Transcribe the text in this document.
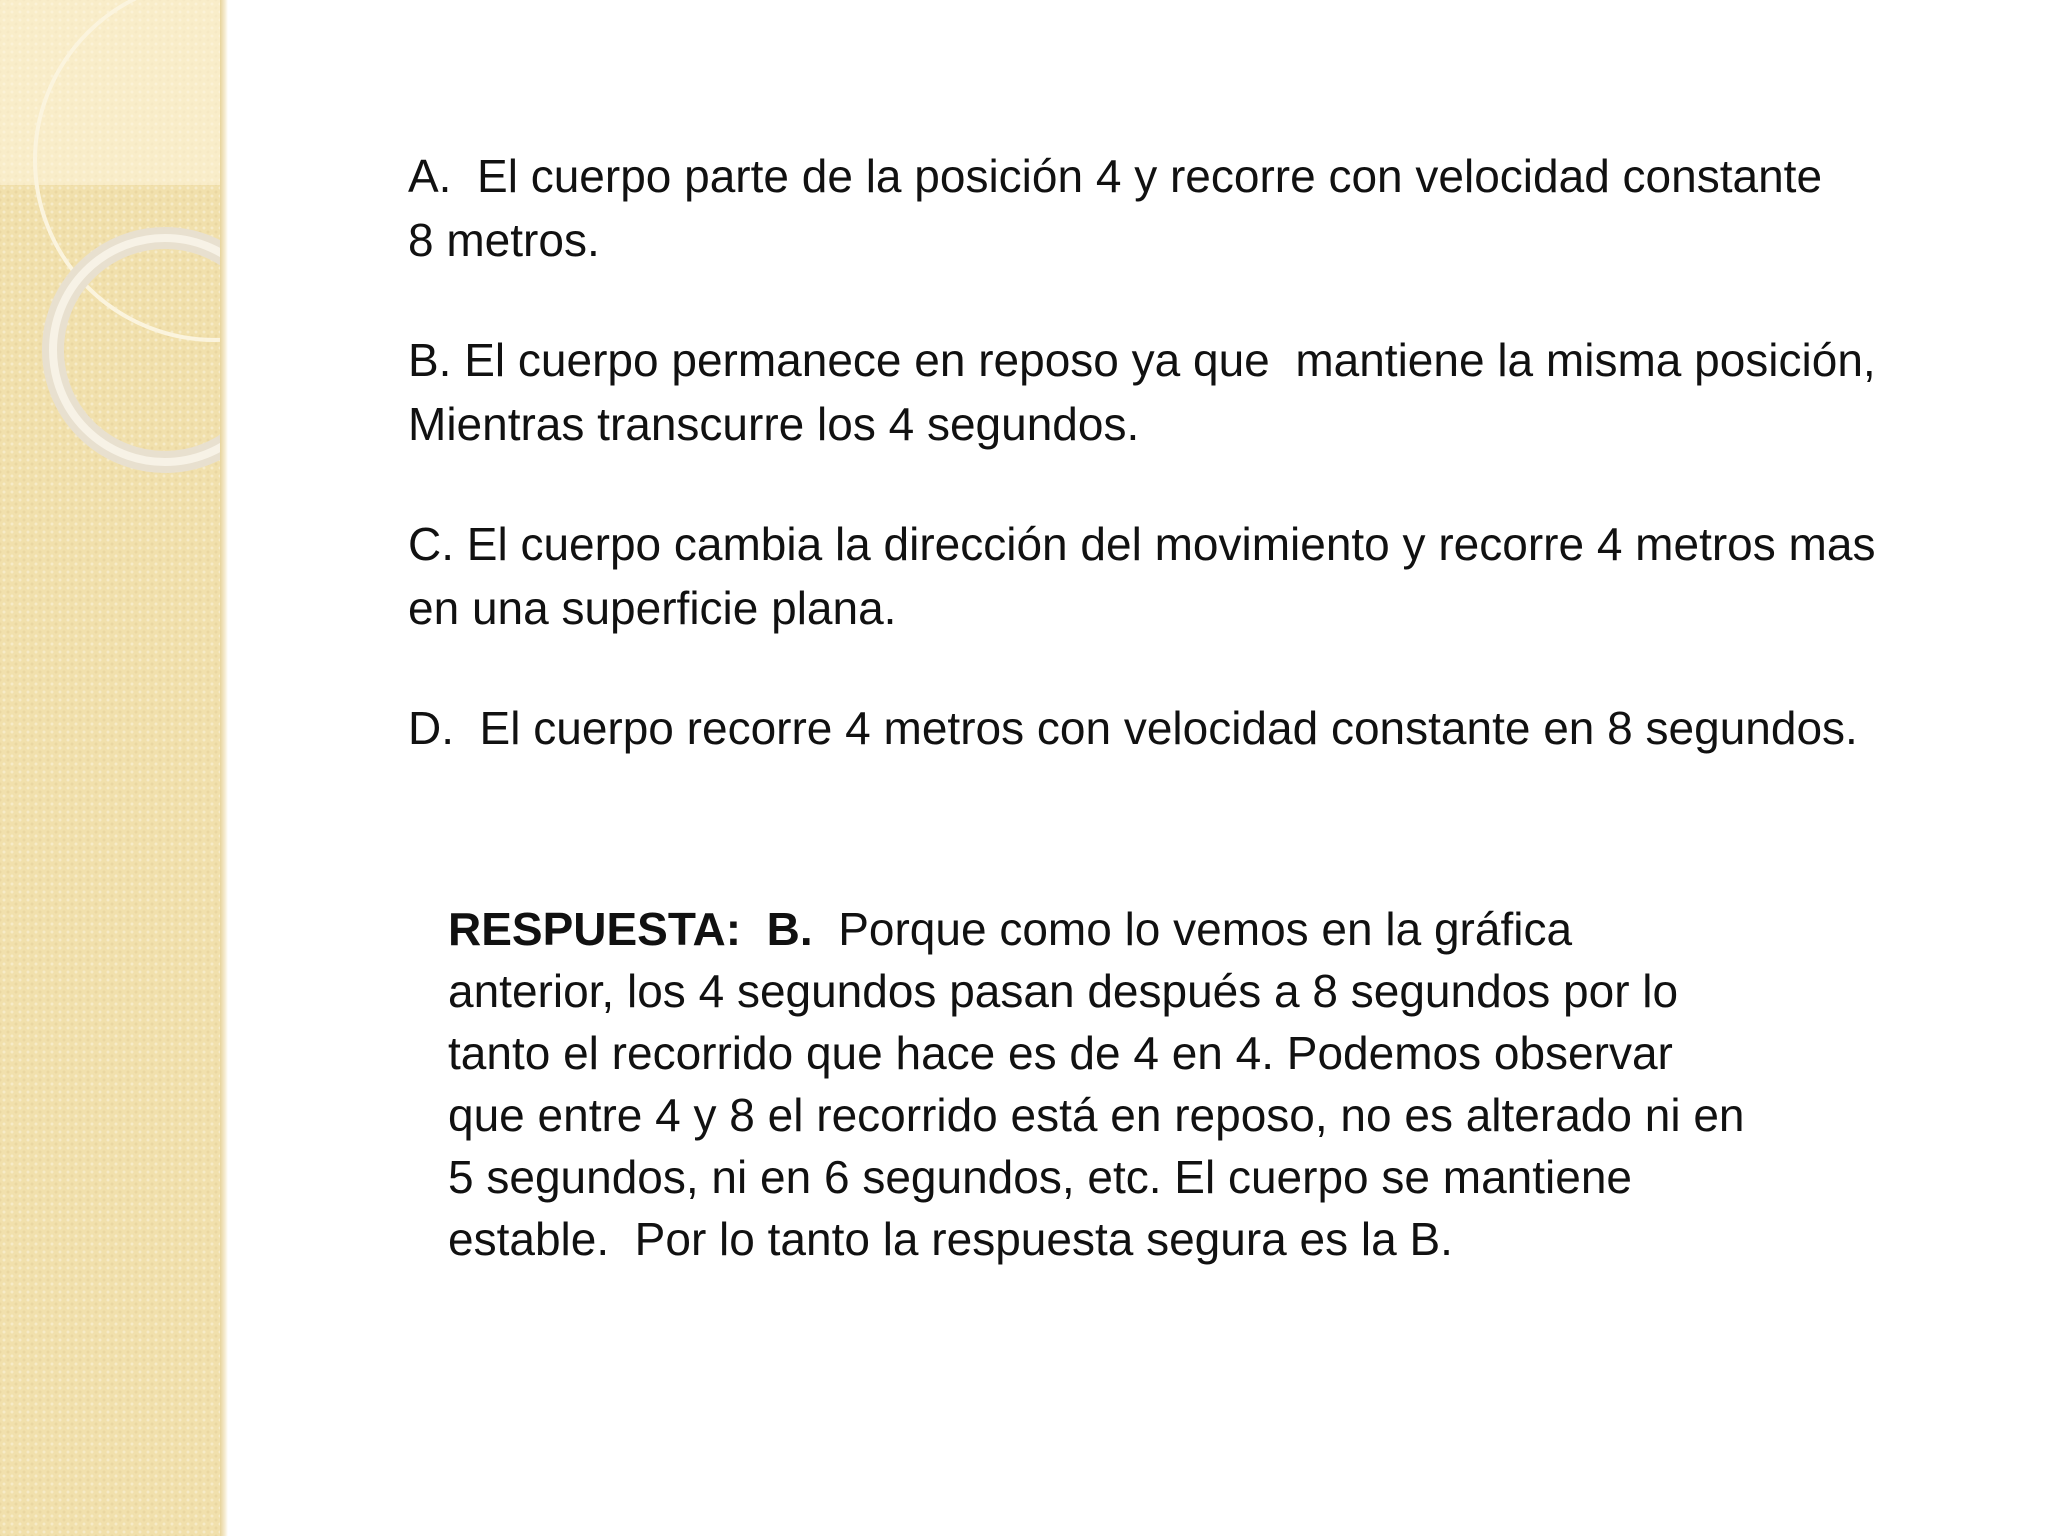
A.  El cuerpo parte de la posición 4 y recorre con velocidad constante
8 metros.

B. El cuerpo permanece en reposo ya que  mantiene la misma posición,
Mientras transcurre los 4 segundos.

C. El cuerpo cambia la dirección del movimiento y recorre 4 metros mas
en una superficie plana.

D.  El cuerpo recorre 4 metros con velocidad constante en 8 segundos.

RESPUESTA:  B.  Porque como lo vemos en la gráfica
anterior, los 4 segundos pasan después a 8 segundos por lo
tanto el recorrido que hace es de 4 en 4. Podemos observar
que entre 4 y 8 el recorrido está en reposo, no es alterado ni en
5 segundos, ni en 6 segundos, etc. El cuerpo se mantiene
estable.  Por lo tanto la respuesta segura es la B.
